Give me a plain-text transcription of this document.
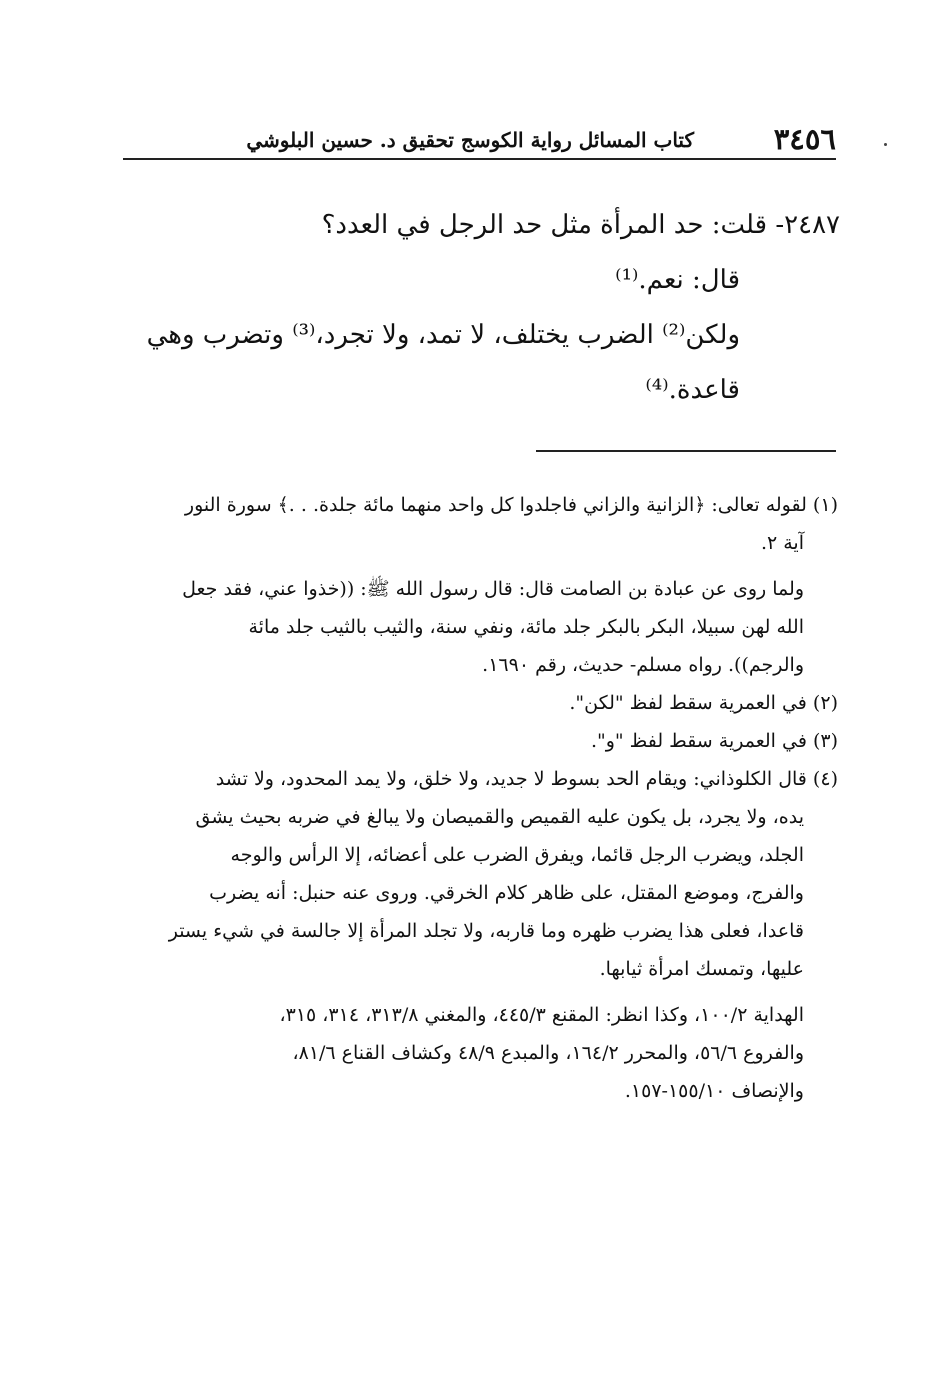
٣٤٥٦
كتاب المسائل رواية الكوسج تحقيق د. حسين البلوشي

٢٤٨٧- قلت: حد المرأة مثل حد الرجل في العدد؟

قال: نعم.⁽¹⁾

ولكن⁽²⁾ الضرب يختلف، لا تمد، ولا تجرد،⁽³⁾ وتضرب وهي

قاعدة.⁽⁴⁾

(١) لقوله تعالى: ﴿الزانية والزاني فاجلدوا كل واحد منهما مائة جلدة. . .﴾ سورة النور

آية ٢.

ولما روى عن عبادة بن الصامت قال: قال رسول الله ﷺ: ((خذوا عني، فقد جعل

الله لهن سبيلا، البكر بالبكر جلد مائة، ونفي سنة، والثيب بالثيب جلد مائة

والرجم)). رواه مسلم- حديث، رقم ١٦٩٠.

(٢) في العمرية سقط لفظ "لكن".

(٣) في العمرية سقط لفظ "و".

(٤) قال الكلوذاني: ويقام الحد بسوط لا جديد، ولا خلق، ولا يمد المحدود، ولا تشد

يده، ولا يجرد، بل يكون عليه القميص والقميصان ولا يبالغ في ضربه بحيث يشق

الجلد، ويضرب الرجل قائما، ويفرق الضرب على أعضائه، إلا الرأس والوجه

والفرج، وموضع المقتل، على ظاهر كلام الخرقي. وروى عنه حنبل: أنه يضرب

قاعدا، فعلى هذا يضرب ظهره وما قاربه، ولا تجلد المرأة إلا جالسة في شيء يستر

عليها، وتمسك امرأة ثيابها.

الهداية ١٠٠/٢، وكذا انظر: المقنع ٤٤٥/٣، والمغني ٣١٣/٨، ٣١٤، ٣١٥،

والفروع ٥٦/٦، والمحرر ١٦٤/٢، والمبدع ٤٨/٩ وكشاف القناع ٨١/٦،

والإنصاف ١٥٥/١٠-١٥٧.
